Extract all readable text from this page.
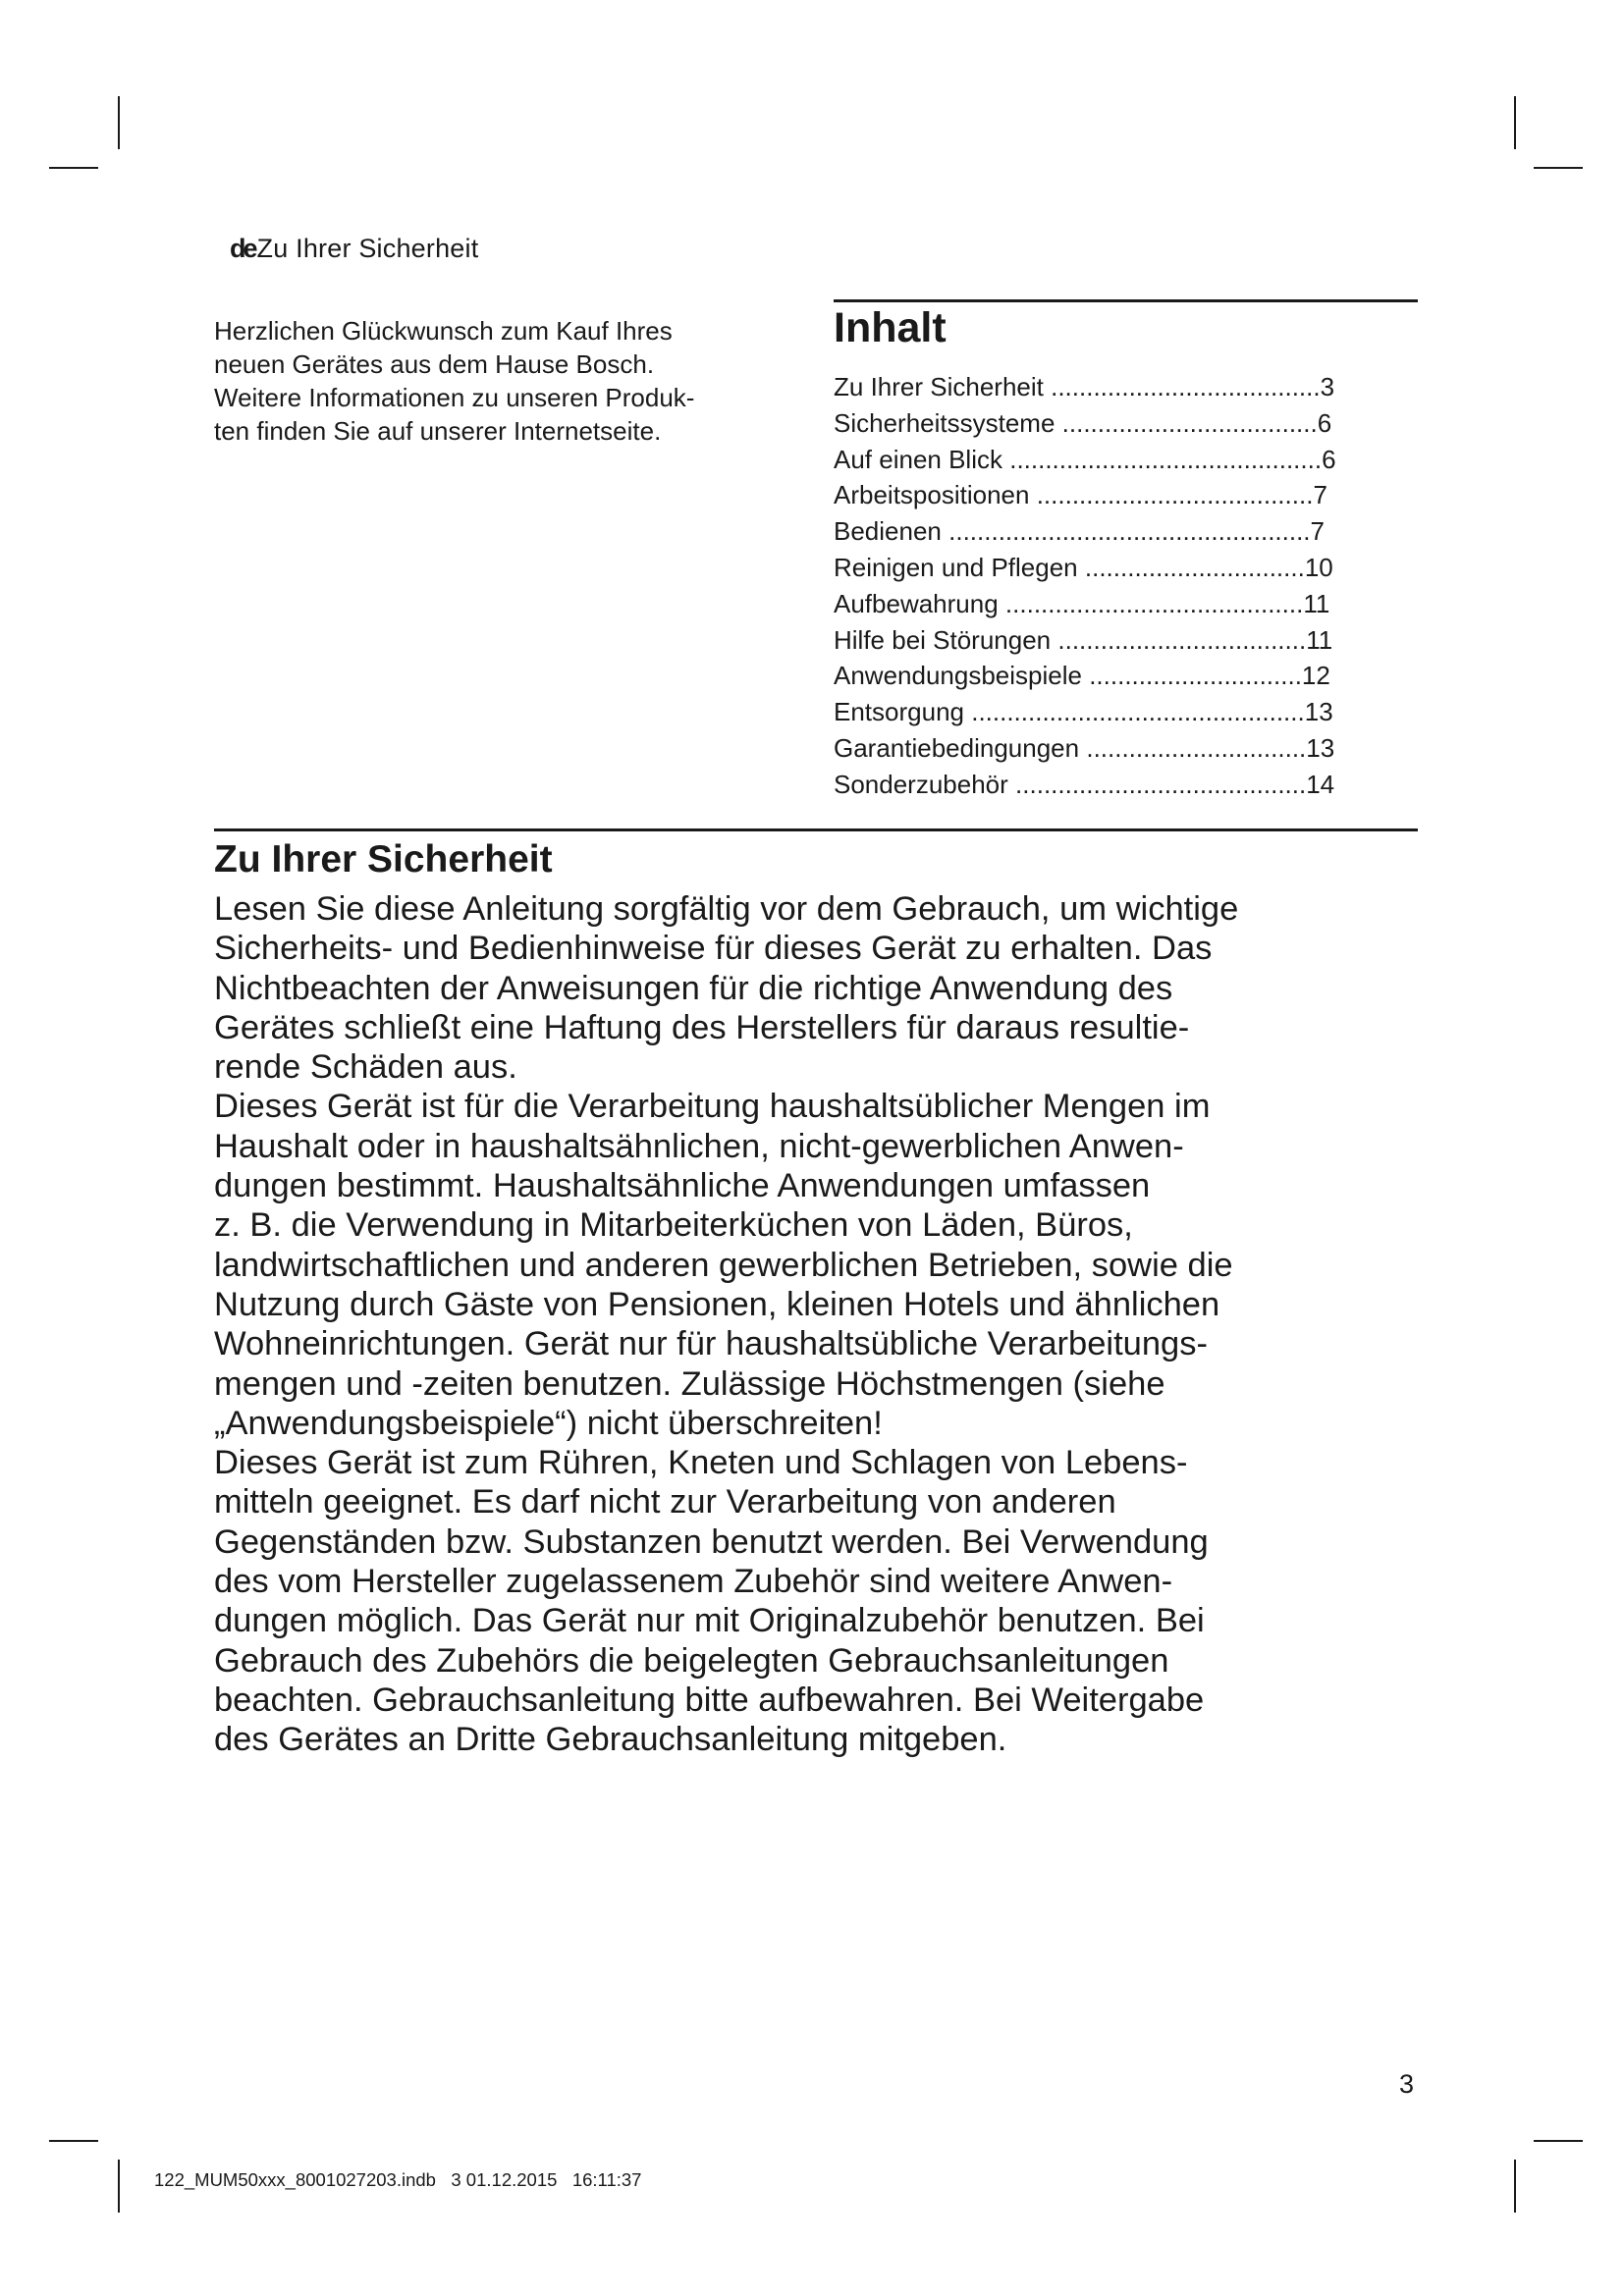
deZu Ihrer Sicherheit
Herzlichen Glückwunsch zum Kauf Ihres
neuen Gerätes aus dem Hause Bosch.
Weitere Informationen zu unseren Produk-
ten finden Sie auf unserer Internetseite.
Inhalt
Zu Ihrer Sicherheit ......................................3
Sicherheitssysteme ....................................6
Auf einen Blick ............................................6
Arbeitspositionen .......................................7
Bedienen ...................................................7
Reinigen und Pflegen ...............................10
Aufbewahrung ..........................................11
Hilfe bei Störungen ...................................11
Anwendungsbeispiele ..............................12
Entsorgung ...............................................13
Garantiebedingungen ...............................13
Sonderzubehör .........................................14
Zu Ihrer Sicherheit
Lesen Sie diese Anleitung sorgfältig vor dem Gebrauch, um wichtige
Sicherheits- und Bedienhinweise für dieses Gerät zu erhalten. Das
Nichtbeachten der Anweisungen für die richtige Anwendung des
Gerätes schließt eine Haftung des Herstellers für daraus resultie-
rende Schäden aus.
Dieses Gerät ist für die Verarbeitung haushaltsüblicher Mengen im
Haushalt oder in haushaltsähnlichen, nicht-gewerblichen Anwen-
dungen bestimmt. Haushaltsähnliche Anwendungen umfassen
z. B. die Verwendung in Mitarbeiterküchen von Läden, Büros,
landwirtschaftlichen und anderen gewerblichen Betrieben, sowie die
Nutzung durch Gäste von Pensionen, kleinen Hotels und ähnlichen
Wohneinrichtungen. Gerät nur für haushaltsübliche Verarbeitungs-
mengen und -zeiten benutzen. Zulässige Höchstmengen (siehe
„Anwendungsbeispiele“) nicht überschreiten!
Dieses Gerät ist zum Rühren, Kneten und Schlagen von Lebens-
mitteln geeignet. Es darf nicht zur Verarbeitung von anderen
Gegenständen bzw. Substanzen benutzt werden. Bei Verwendung
des vom Hersteller zugelassenem Zubehör sind weitere Anwen-
dungen möglich. Das Gerät nur mit Originalzubehör benutzen. Bei
Gebrauch des Zubehörs die beigelegten Gebrauchsanleitungen
beachten. Gebrauchsanleitung bitte aufbewahren. Bei Weitergabe
des Gerätes an Dritte Gebrauchsanleitung mitgeben.
3
122_MUM50xxx_8001027203.indb   3 01.12.2015   16:11:37
